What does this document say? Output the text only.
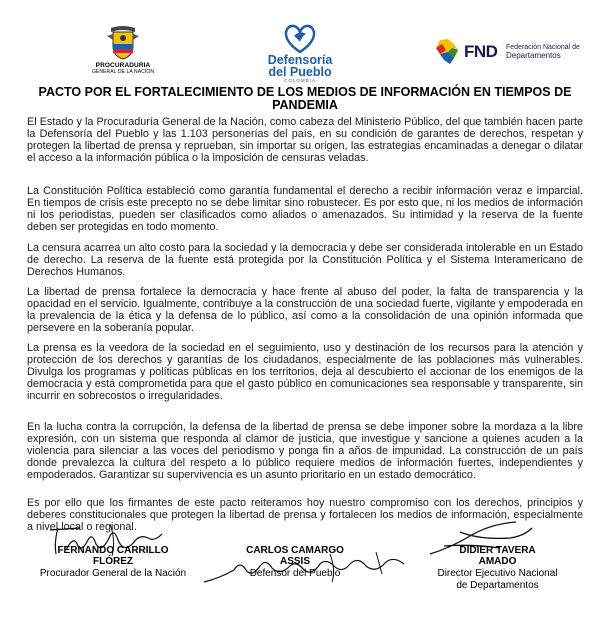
PROCURADURIA
GENERAL DE LA NACION
Defensoría
del Pueblo
COLOMBIA
FND Federación Nacional de
Departamentos
PACTO POR EL FORTALECIMIENTO DE LOS MEDIOS DE INFORMACIÓN EN TIEMPOS DE PANDEMIA

El Estado y la Procuraduría General de la Nación, como cabeza del Ministerio Público, del que también hacen parte la Defensoría del Pueblo y las 1.103 personerías del país, en su condición de garantes de derechos, respetan y protegen la libertad de prensa y reprueban, sin importar su origen, las estrategias encaminadas a denegar o dilatar el acceso a la información pública o la imposición de censuras veladas.

La Constitución Política estableció como garantía fundamental el derecho a recibir información veraz e imparcial. En tiempos de crisis este precepto no se debe limitar sino robustecer. Es por esto que, ni los medios de información ni los periodistas, pueden ser clasificados como aliados o amenazados. Su intimidad y la reserva de la fuente deben ser protegidas en todo momento.

La censura acarrea un alto costo para la sociedad y la democracia y debe ser considerada intolerable en un Estado de derecho. La reserva de la fuente está protegida por la Constitución Política y el Sistema Interamericano de Derechos Humanos.

La libertad de prensa fortalece la democracia y hace frente al abuso del poder, la falta de transparencia y la opacidad en el servicio. Igualmente, contribuye a la construcción de una sociedad fuerte, vigilante y empoderada en la prevalencia de la ética y la defensa de lo público, así como a la consolidación de una opinión informada que persevere en la soberanía popular.

La prensa es la veedora de la sociedad en el seguimiento, uso y destinación de los recursos para la atención y protección de los derechos y garantías de los ciudadanos, especialmente de las poblaciones más vulnerables. Divulga los programas y políticas públicas en los territorios, deja al descubierto el accionar de los enemigos de la democracia y está comprometida para que el gasto público en comunicaciones sea responsable y transparente, sin incurrir en sobrecostos o irregularidades.

En la lucha contra la corrupción, la defensa de la libertad de prensa se debe imponer sobre la mordaza a la libre expresión, con un sistema que responda al clamor de justicia, que investigue y sancione a quienes acuden a la violencia para silenciar a las voces del periodismo y ponga fin a años de impunidad. La construcción de un país donde prevalezca la cultura del respeto a lo público requiere medios de información fuertes, independientes y empoderados. Garantizar su supervivencia es un asunto prioritario en un estado democrático.

Es por ello que los firmantes de este pacto reiteramos hoy nuestro compromiso con los derechos, principios y deberes constitucionales que protegen la libertad de prensa y fortalecen los medios de información, especialmente a nivel local o regional.

FERNANDO CARRILLO
FLÓREZ
Procurador General de la Nación
CARLOS CAMARGO
ASSIS
Defensor del Pueblo
DIDIER TAVERA
AMADO
Director Ejecutivo Nacional
de Departamentos
